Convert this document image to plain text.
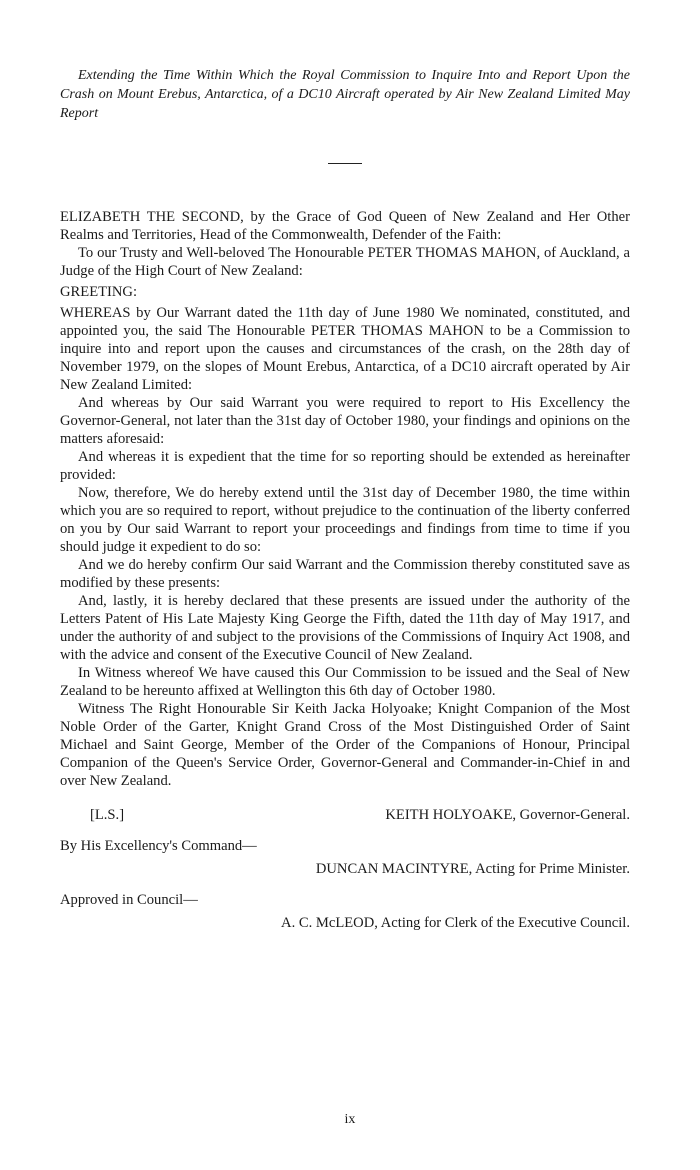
Extending the Time Within Which the Royal Commission to Inquire Into and Report Upon the Crash on Mount Erebus, Antarctica, of a DC10 Aircraft operated by Air New Zealand Limited May Report

ELIZABETH THE SECOND, by the Grace of God Queen of New Zealand and Her Other Realms and Territories, Head of the Commonwealth, Defender of the Faith:

To our Trusty and Well-beloved The Honourable PETER THOMAS MAHON, of Auckland, a Judge of the High Court of New Zealand:

GREETING:

WHEREAS by Our Warrant dated the 11th day of June 1980 We nominated, constituted, and appointed you, the said The Honourable PETER THOMAS MAHON to be a Commission to inquire into and report upon the causes and circumstances of the crash, on the 28th day of November 1979, on the slopes of Mount Erebus, Antarctica, of a DC10 aircraft operated by Air New Zealand Limited:

And whereas by Our said Warrant you were required to report to His Excellency the Governor-General, not later than the 31st day of October 1980, your findings and opinions on the matters aforesaid:

And whereas it is expedient that the time for so reporting should be extended as hereinafter provided:

Now, therefore, We do hereby extend until the 31st day of December 1980, the time within which you are so required to report, without prejudice to the continuation of the liberty conferred on you by Our said Warrant to report your proceedings and findings from time to time if you should judge it expedient to do so:

And we do hereby confirm Our said Warrant and the Commission thereby constituted save as modified by these presents:

And, lastly, it is hereby declared that these presents are issued under the authority of the Letters Patent of His Late Majesty King George the Fifth, dated the 11th day of May 1917, and under the authority of and subject to the provisions of the Commissions of Inquiry Act 1908, and with the advice and consent of the Executive Council of New Zealand.

In Witness whereof We have caused this Our Commission to be issued and the Seal of New Zealand to be hereunto affixed at Wellington this 6th day of October 1980.

Witness The Right Honourable Sir Keith Jacka Holyoake; Knight Companion of the Most Noble Order of the Garter, Knight Grand Cross of the Most Distinguished Order of Saint Michael and Saint George, Member of the Order of the Companions of Honour, Principal Companion of the Queen's Service Order, Governor-General and Commander-in-Chief in and over New Zealand.

[L.S.]	KEITH HOLYOAKE, Governor-General.
By His Excellency's Command—
DUNCAN MACINTYRE, Acting for Prime Minister.
Approved in Council—
A. C. McLEOD, Acting for Clerk of the Executive Council.
ix
